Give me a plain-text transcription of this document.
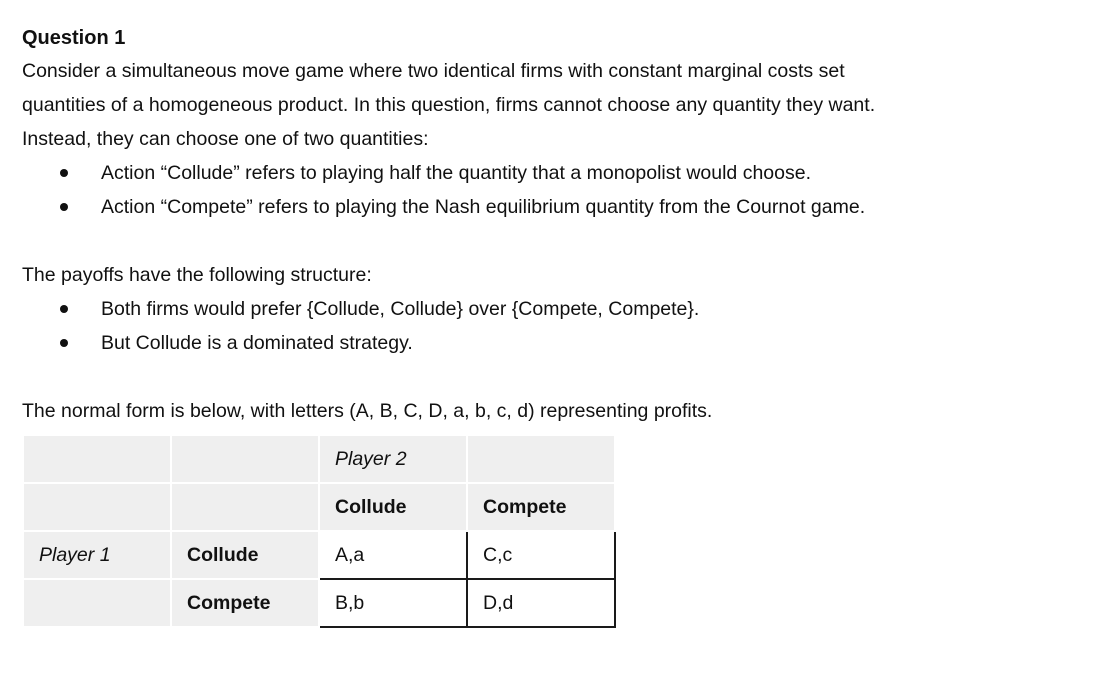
Question 1

Consider a simultaneous move game where two identical firms with constant marginal costs set

quantities of a homogeneous product. In this question, firms cannot choose any quantity they want.

Instead, they can choose one of two quantities:

Action “Collude” refers to playing half the quantity that a monopolist would choose.
Action “Compete” refers to playing the Nash equilibrium quantity from the Cournot game.

The payoffs have the following structure:

Both firms would prefer {Collude, Collude} over {Compete, Compete}.
But Collude is a dominated strategy.

The normal form is below, with letters (A, B, C, D, a, b, c, d) representing profits.

		Player 2	
		Collude	Compete
Player 1	Collude	A,a	C,c
	Compete	B,b	D,d
